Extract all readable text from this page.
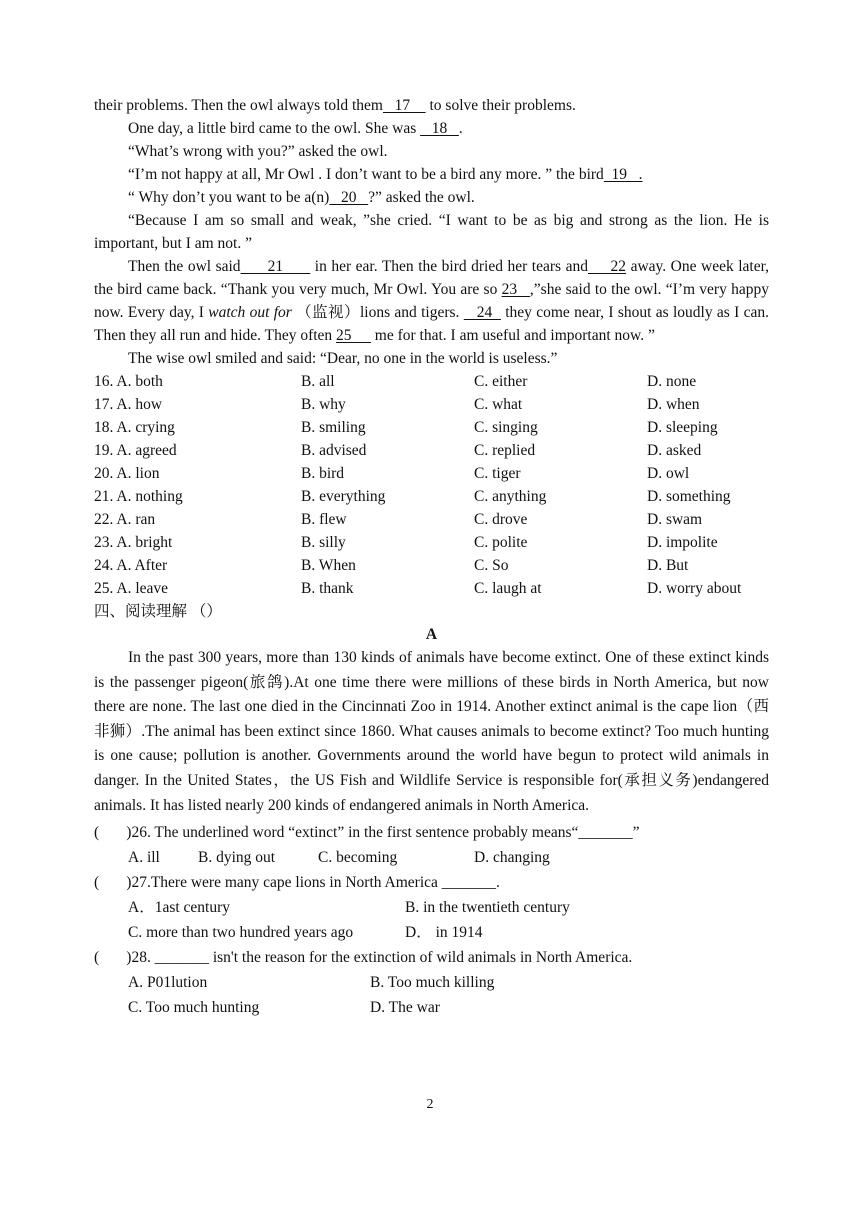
their problems. Then the owl always told them   17     to solve their problems.

One day, a little bird came to the owl. She was    18   .

“What’s wrong with you?” asked the owl.

“I’m not happy at all, Mr Owl . I don’t want to be a bird any more. ” the bird  19   .

“ Why don’t you want to be a(n)   20   ?” asked the owl.

“Because I am so small and weak, ”she cried. “I want to be as big and strong as the lion. He is important, but I am not. ”

Then the owl said      21       in her ear. Then the bird dried her tears and     22 away. One week later, the bird came back. “Thank you very much, Mr Owl. You are so 23   ,”she said to the owl. “I’m very happy now. Every day, I watch out for （监视）lions and tigers.    24   they come near, I shout as loudly as I can. Then they all run and hide. They often 25      me for that. I am useful and important now. ”

The wise owl smiled and said: “Dear, no one in the world is useless.”

16. A. both	B. all	C. either	D. none
17. A. how	B. why	C. what	D. when
18. A. crying	B. smiling	C. singing	D. sleeping
19. A. agreed	B. advised	C. replied	D. asked
20. A. lion	B. bird	C. tiger	D. owl
21. A. nothing	B. everything	C. anything	D. something
22. A. ran	B. flew	C. drove	D. swam
23. A. bright	B. silly	C. polite	D. impolite
24. A. After	B. When	C. So	D. But
25. A. leave	B. thank	C. laugh at	D. worry about

四、阅读理解 （）

A

In the past 300 years, more than 130 kinds of animals have become extinct. One of these extinct kinds is the passenger pigeon(旅鸽).At one time there were millions of these birds in North America, but now there are none. The last one died in the Cincinnati Zoo in 1914. Another extinct animal is the cape lion（西非狮）.The animal has been extinct since 1860. What causes animals to become extinct? Too much hunting is one cause; pollution is another. Governments around the world have begun to protect wild animals in danger. In the United States，the US Fish and Wildlife Service is responsible for(承担义务)endangered animals. It has listed nearly 200 kinds of endangered animals in North America.

(       )26. The underlined word “extinct” in the first sentence probably means“_______”

A. ill B. dying out	C. becoming	D. changing

(       )27.There were many cape lions in North America _______.

A．1ast century	B. in the twentieth century

C. more than two hundred years ago	D． in 1914

(       )28. _______ isn't the reason for the extinction of wild animals in North America.

A. P01lution	B. Too much killing

C. Too much hunting	D. The war

2
